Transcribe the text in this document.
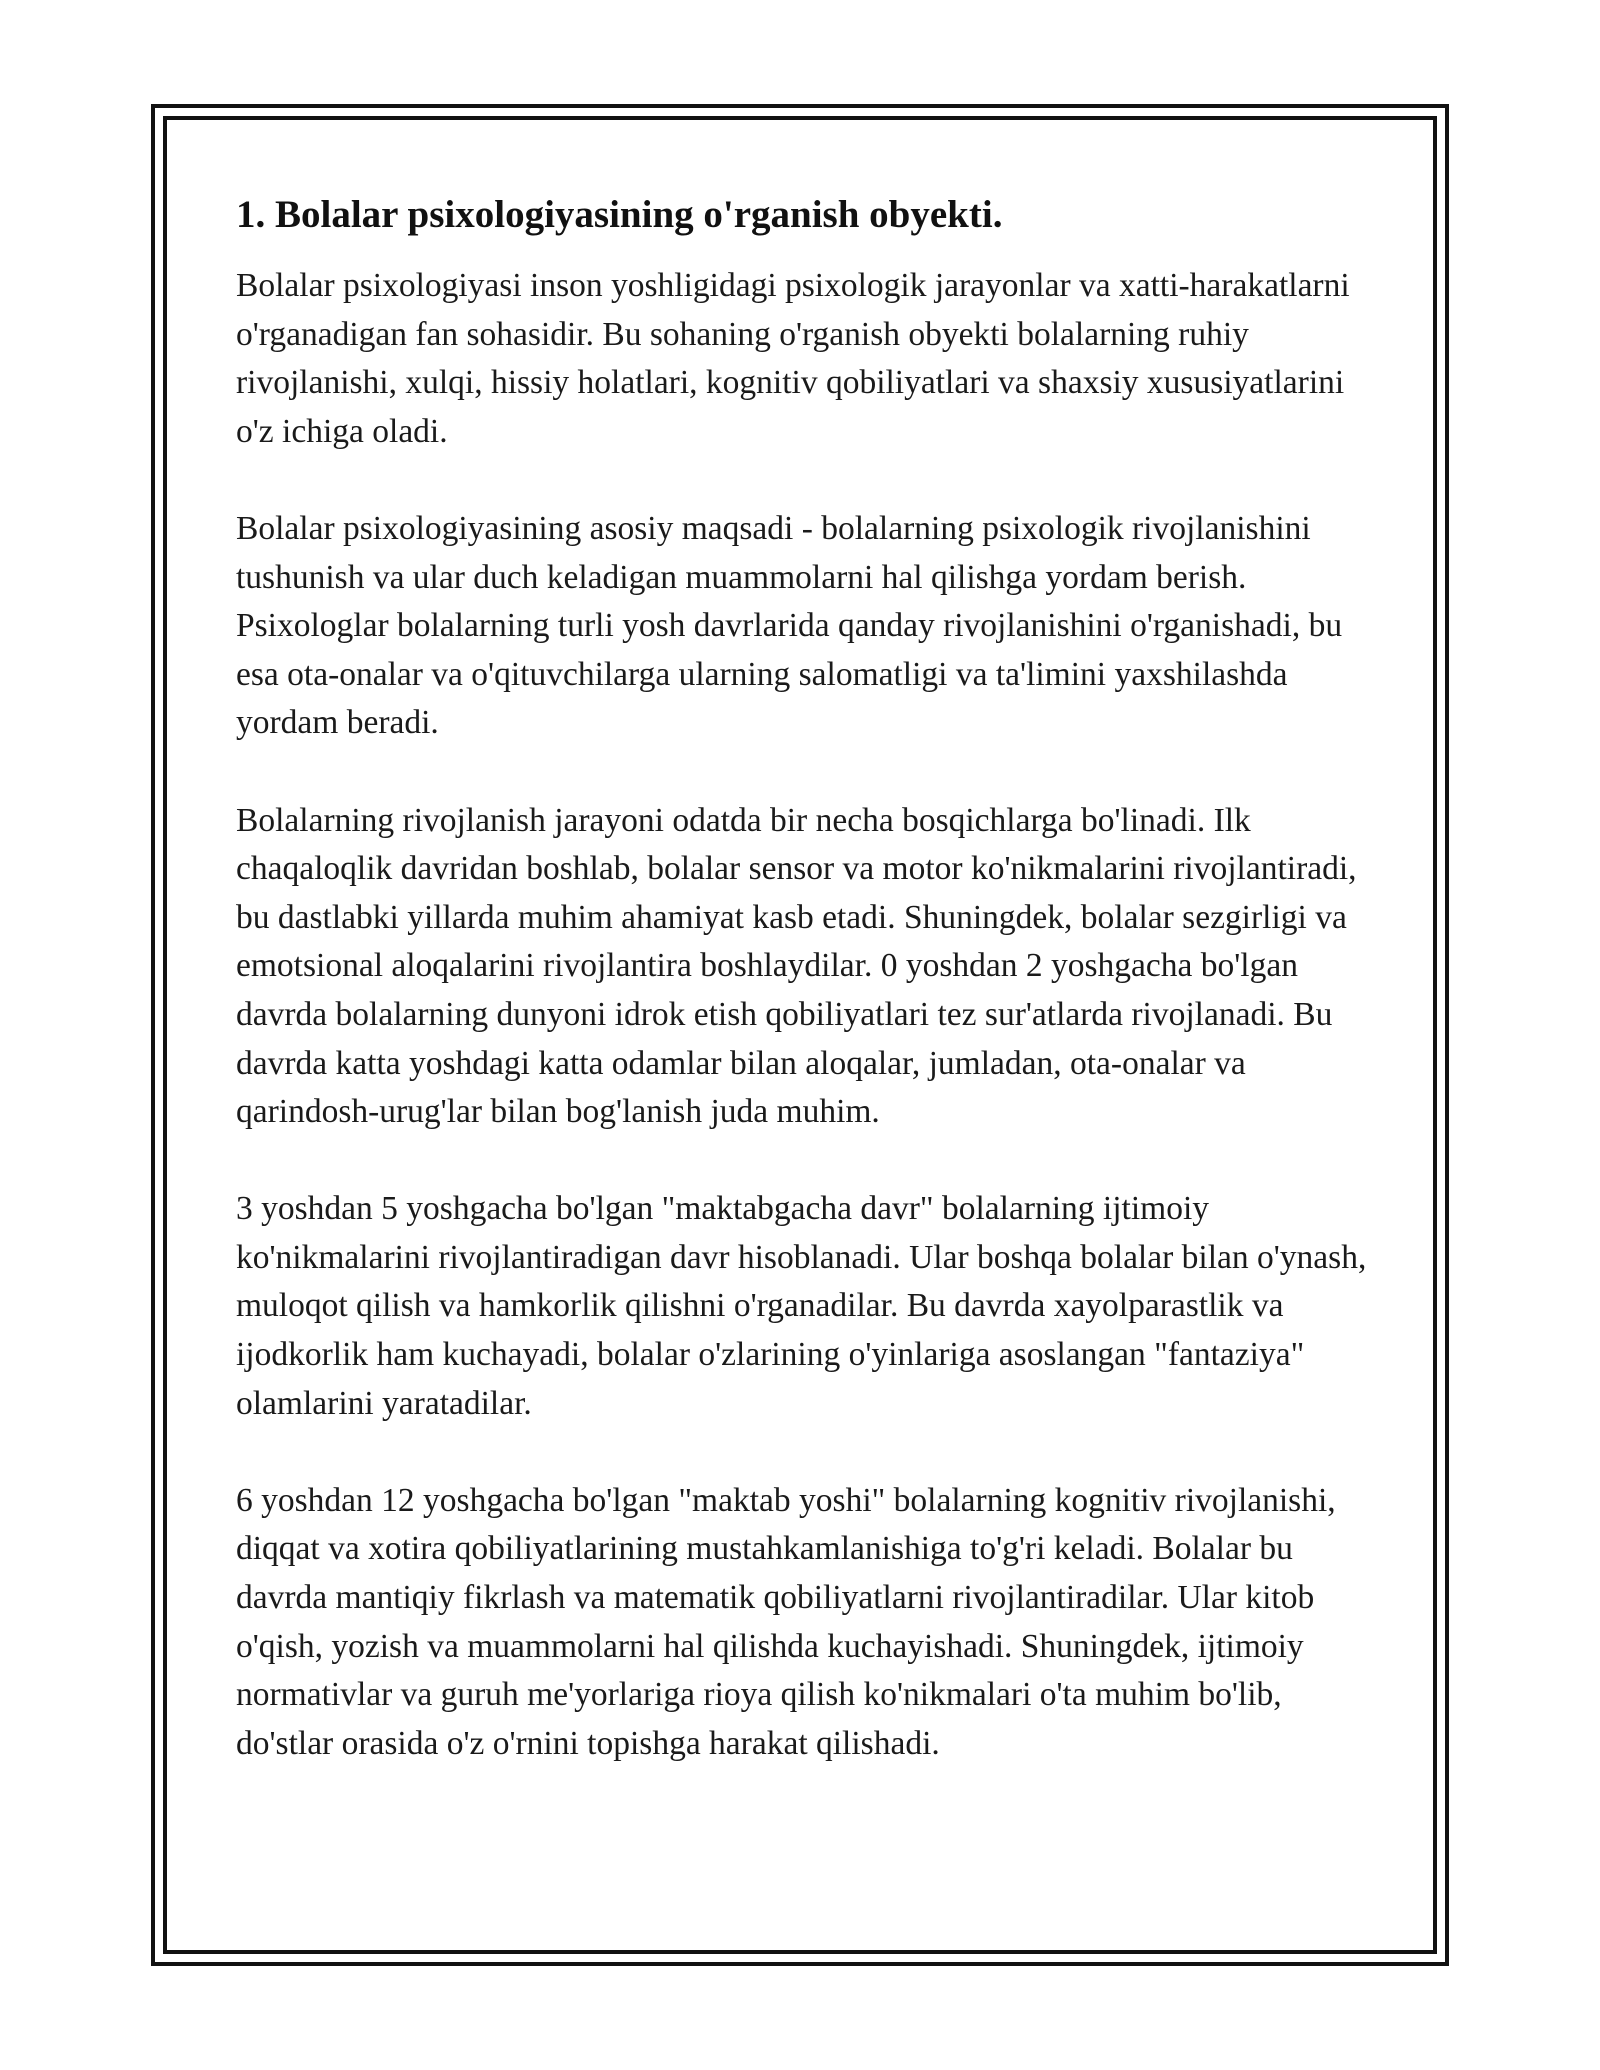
1. Bolalar psixologiyasining o'rganish obyekti.

Bolalar psixologiyasi inson yoshligidagi psixologik jarayonlar va xatti-harakatlarni o'rganadigan fan sohasidir. Bu sohaning o'rganish obyekti bolalarning ruhiy rivojlanishi, xulqi, hissiy holatlari, kognitiv qobiliyatlari va shaxsiy xususiyatlarini o'z ichiga oladi.

Bolalar psixologiyasining asosiy maqsadi - bolalarning psixologik rivojlanishini tushunish va ular duch keladigan muammolarni hal qilishga yordam berish. Psixologlar bolalarning turli yosh davrlarida qanday rivojlanishini o'rganishadi, bu esa ota-onalar va o'qituvchilarga ularning salomatligi va ta'limini yaxshilashda yordam beradi.

Bolalarning rivojlanish jarayoni odatda bir necha bosqichlarga bo'linadi. Ilk chaqaloqlik davridan boshlab, bolalar sensor va motor ko'nikmalarini rivojlantiradi, bu dastlabki yillarda muhim ahamiyat kasb etadi. Shuningdek, bolalar sezgirligi va emotsional aloqalarini rivojlantira boshlaydilar. 0 yoshdan 2 yoshgacha bo'lgan davrda bolalarning dunyoni idrok etish qobiliyatlari tez sur'atlarda rivojlanadi. Bu davrda katta yoshdagi katta odamlar bilan aloqalar, jumladan, ota-onalar va qarindosh-urug'lar bilan bog'lanish juda muhim.

3 yoshdan 5 yoshgacha bo'lgan "maktabgacha davr" bolalarning ijtimoiy ko'nikmalarini rivojlantiradigan davr hisoblanadi. Ular boshqa bolalar bilan o'ynash, muloqot qilish va hamkorlik qilishni o'rganadilar. Bu davrda xayolparastlik va ijodkorlik ham kuchayadi, bolalar o'zlarining o'yinlariga asoslangan "fantaziya" olamlarini yaratadilar.

6 yoshdan 12 yoshgacha bo'lgan "maktab yoshi" bolalarning kognitiv rivojlanishi, diqqat va xotira qobiliyatlarining mustahkamlanishiga to'g'ri keladi. Bolalar bu davrda mantiqiy fikrlash va matematik qobiliyatlarni rivojlantiradilar. Ular kitob o'qish, yozish va muammolarni hal qilishda kuchayishadi. Shuningdek, ijtimoiy normativlar va guruh me'yorlariga rioya qilish ko'nikmalari o'ta muhim bo'lib, do'stlar orasida o'z o'rnini topishga harakat qilishadi.
